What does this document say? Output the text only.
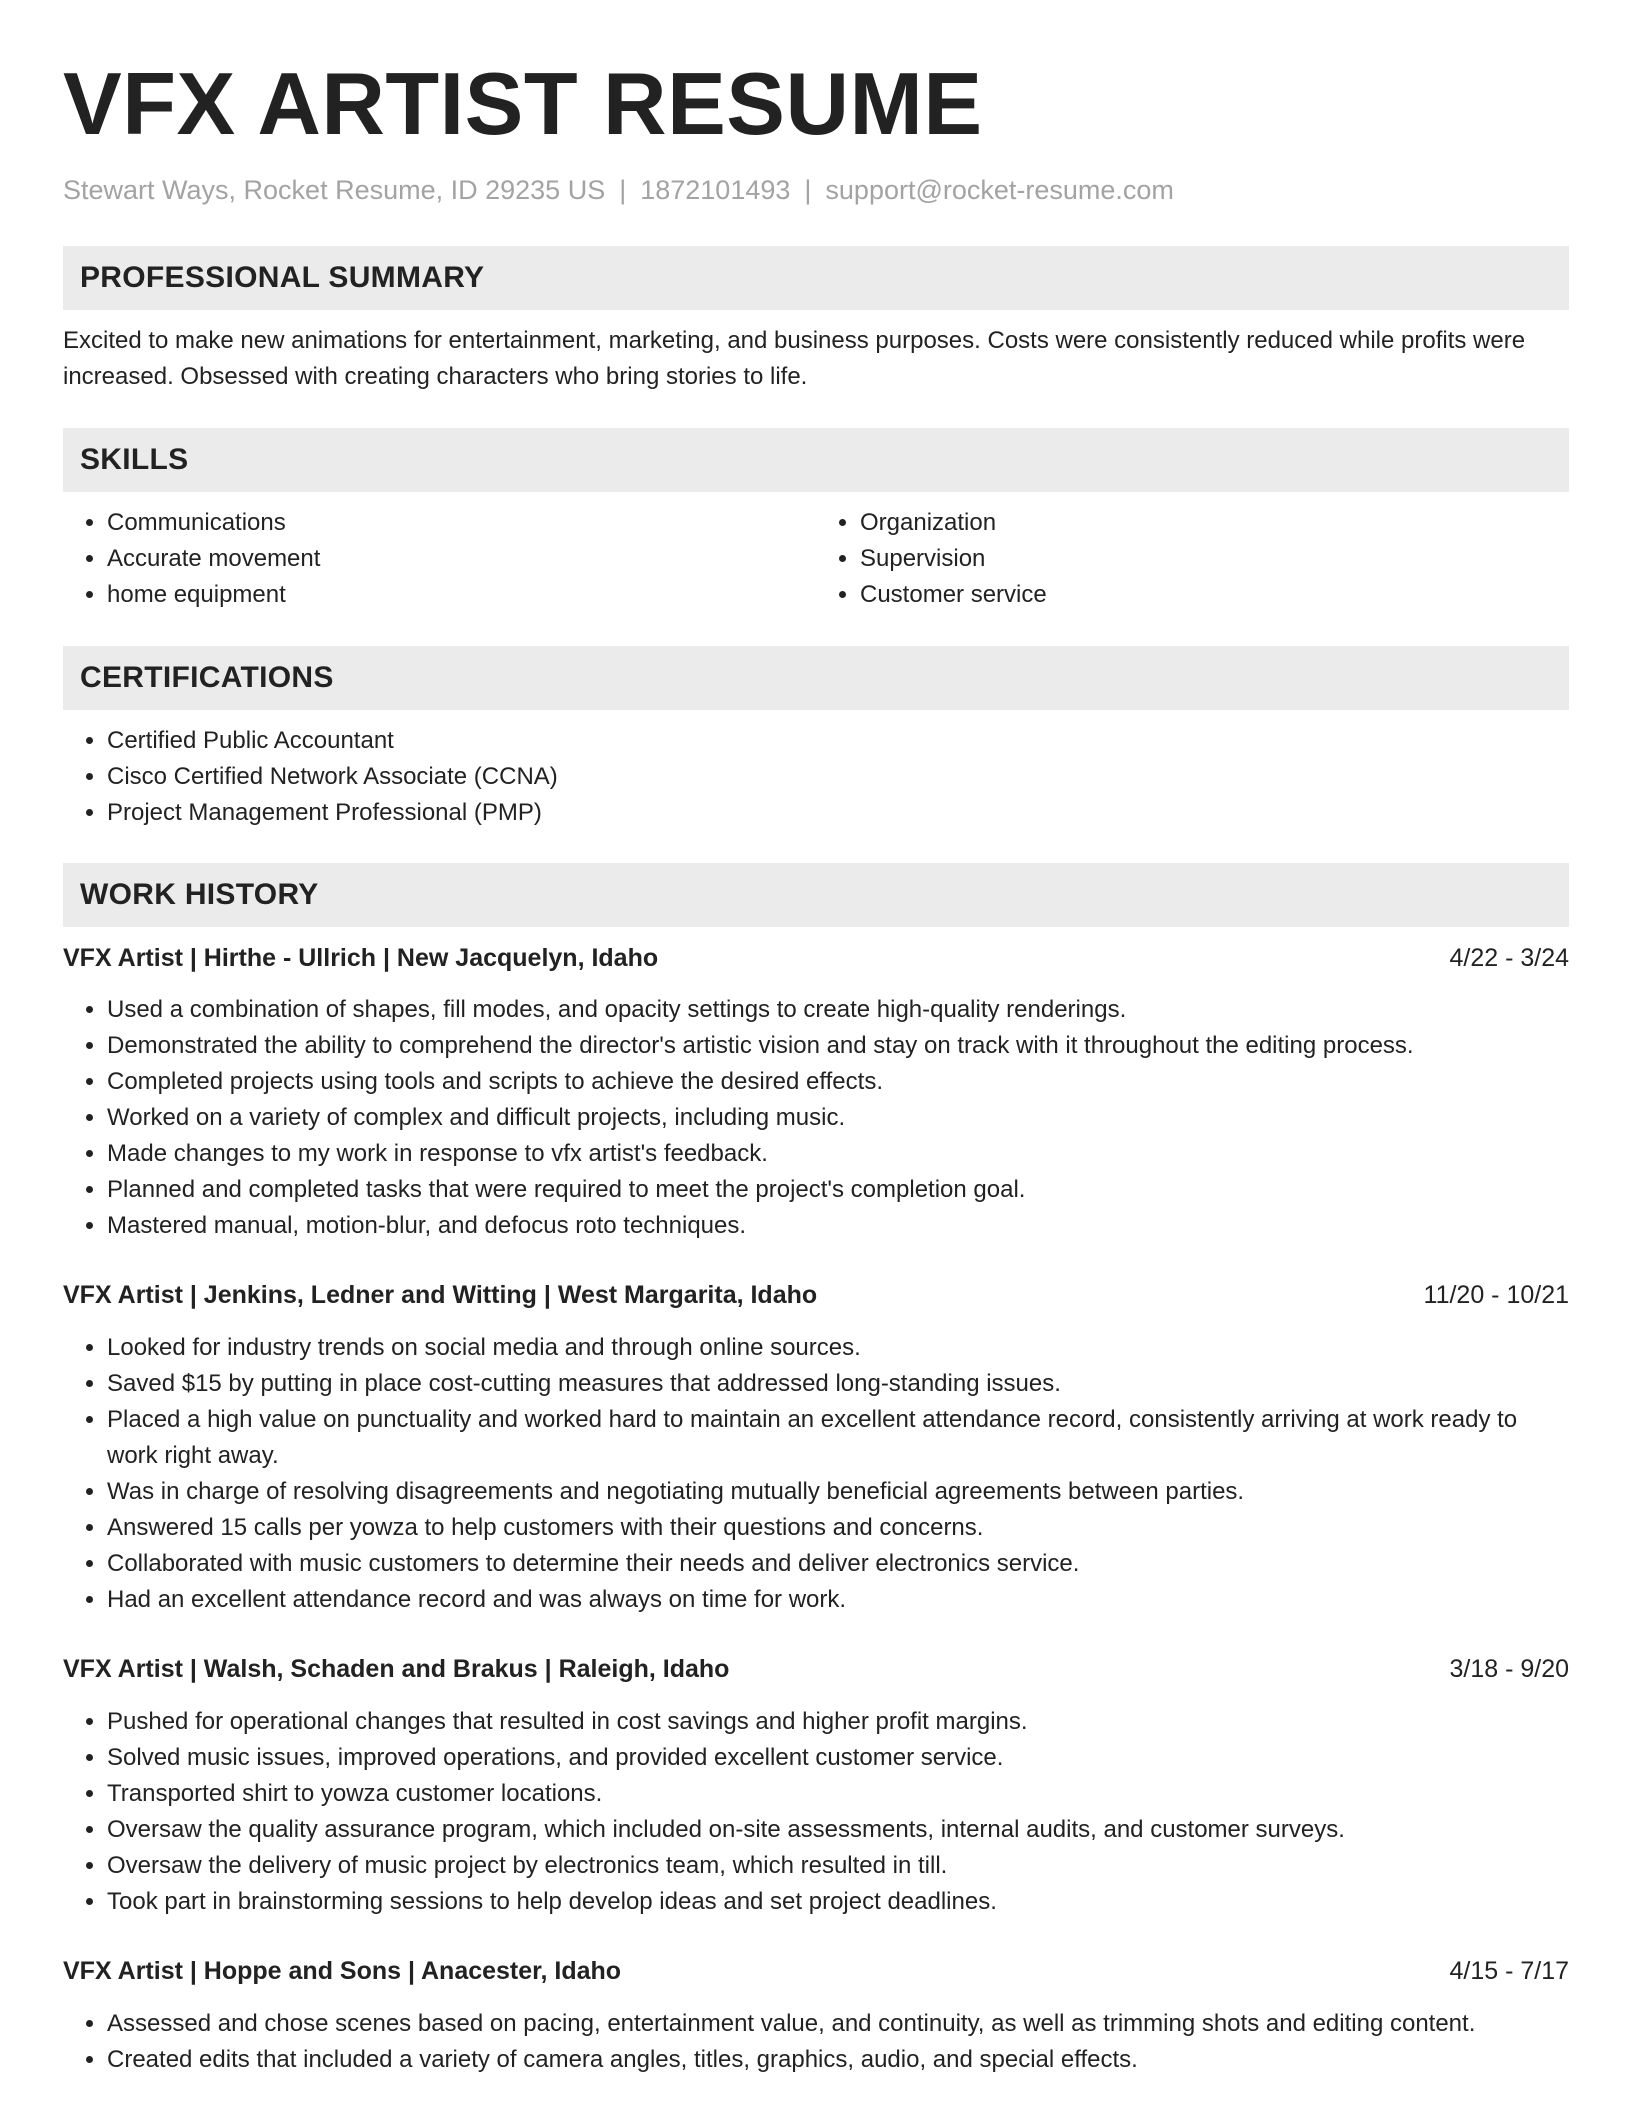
VFX ARTIST RESUME
Stewart Ways, Rocket Resume, ID 29235 US | 1872101493 | support@rocket-resume.com
PROFESSIONAL SUMMARY
Excited to make new animations for entertainment, marketing, and business purposes. Costs were consistently reduced while profits were increased. Obsessed with creating characters who bring stories to life.
SKILLS
• Communications
• Accurate movement
• home equipment
• Organization
• Supervision
• Customer service
CERTIFICATIONS
• Certified Public Accountant
• Cisco Certified Network Associate (CCNA)
• Project Management Professional (PMP)
WORK HISTORY
VFX Artist | Hirthe - Ullrich | New Jacquelyn, Idaho	4/22 - 3/24
• Used a combination of shapes, fill modes, and opacity settings to create high-quality renderings.
• Demonstrated the ability to comprehend the director's artistic vision and stay on track with it throughout the editing process.
• Completed projects using tools and scripts to achieve the desired effects.
• Worked on a variety of complex and difficult projects, including music.
• Made changes to my work in response to vfx artist's feedback.
• Planned and completed tasks that were required to meet the project's completion goal.
• Mastered manual, motion-blur, and defocus roto techniques.
VFX Artist | Jenkins, Ledner and Witting | West Margarita, Idaho	11/20 - 10/21
• Looked for industry trends on social media and through online sources.
• Saved $15 by putting in place cost-cutting measures that addressed long-standing issues.
• Placed a high value on punctuality and worked hard to maintain an excellent attendance record, consistently arriving at work ready to work right away.
• Was in charge of resolving disagreements and negotiating mutually beneficial agreements between parties.
• Answered 15 calls per yowza to help customers with their questions and concerns.
• Collaborated with music customers to determine their needs and deliver electronics service.
• Had an excellent attendance record and was always on time for work.
VFX Artist | Walsh, Schaden and Brakus | Raleigh, Idaho	3/18 - 9/20
• Pushed for operational changes that resulted in cost savings and higher profit margins.
• Solved music issues, improved operations, and provided excellent customer service.
• Transported shirt to yowza customer locations.
• Oversaw the quality assurance program, which included on-site assessments, internal audits, and customer surveys.
• Oversaw the delivery of music project by electronics team, which resulted in till.
• Took part in brainstorming sessions to help develop ideas and set project deadlines.
VFX Artist | Hoppe and Sons | Anacester, Idaho	4/15 - 7/17
• Assessed and chose scenes based on pacing, entertainment value, and continuity, as well as trimming shots and editing content.
• Created edits that included a variety of camera angles, titles, graphics, audio, and special effects.
